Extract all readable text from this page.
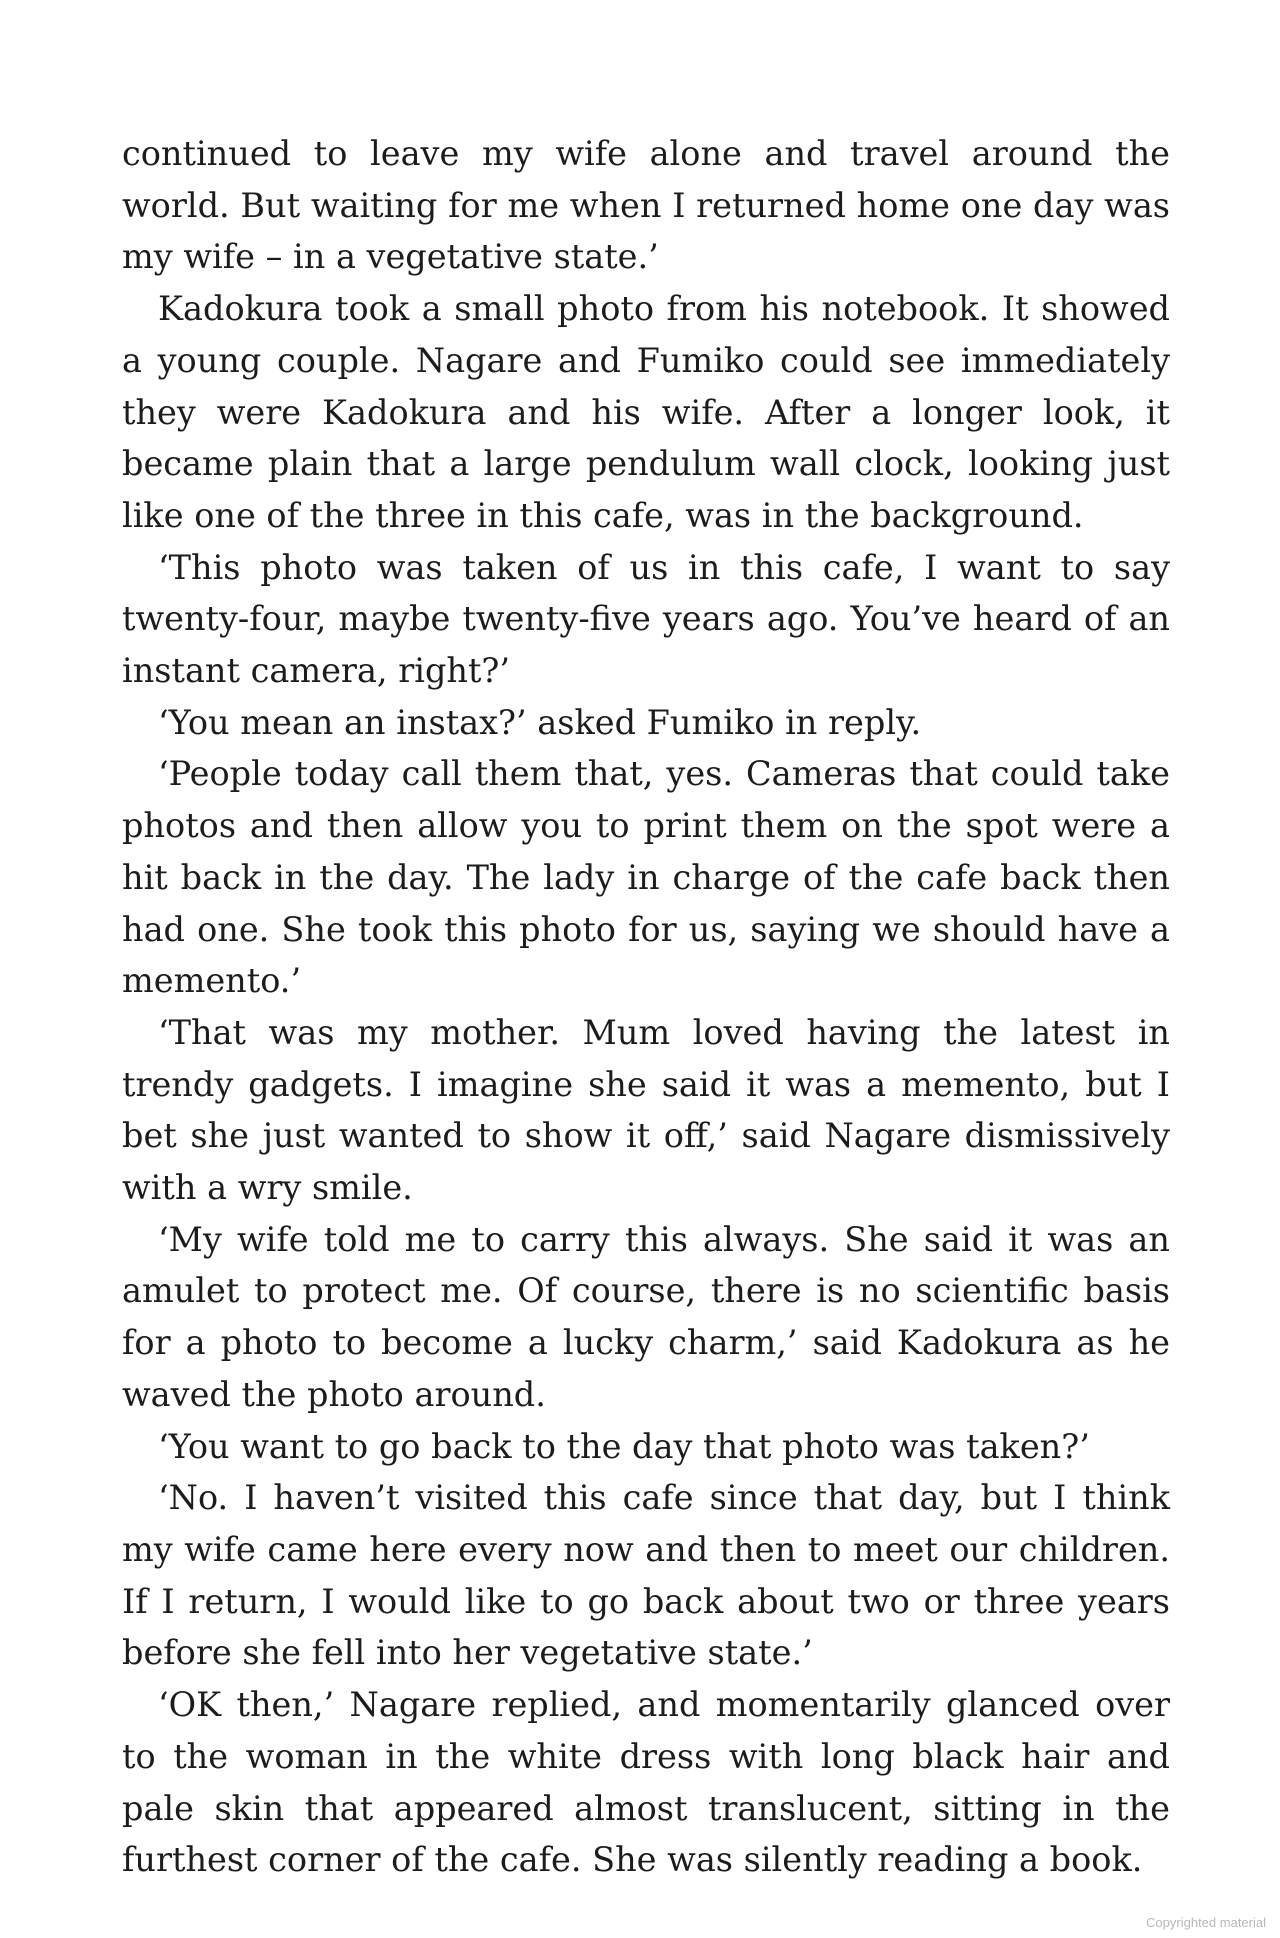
continued to leave my wife alone and travel around the world. But waiting for me when I returned home one day was my wife – in a vegetative state.’

Kadokura took a small photo from his notebook. It showed a young couple. Nagare and Fumiko could see immediately they were Kadokura and his wife. After a longer look, it became plain that a large pendulum wall clock, looking just like one of the three in this cafe, was in the background.

‘This photo was taken of us in this cafe, I want to say twenty-four, maybe twenty-five years ago. You’ve heard of an instant camera, right?’

‘You mean an instax?’ asked Fumiko in reply.

‘People today call them that, yes. Cameras that could take photos and then allow you to print them on the spot were a hit back in the day. The lady in charge of the cafe back then had one. She took this photo for us, saying we should have a memento.’

‘That was my mother. Mum loved having the latest in trendy gadgets. I imagine she said it was a memento, but I bet she just wanted to show it off,’ said Nagare dismissively with a wry smile.

‘My wife told me to carry this always. She said it was an amulet to protect me. Of course, there is no scientific basis for a photo to become a lucky charm,’ said Kadokura as he waved the photo around.

‘You want to go back to the day that photo was taken?’

‘No. I haven’t visited this cafe since that day, but I think my wife came here every now and then to meet our children. If I return, I would like to go back about two or three years before she fell into her vegetative state.’

‘OK then,’ Nagare replied, and momentarily glanced over to the woman in the white dress with long black hair and pale skin that appeared almost translucent, sitting in the furthest corner of the cafe. She was silently reading a book.

Copyrighted material
